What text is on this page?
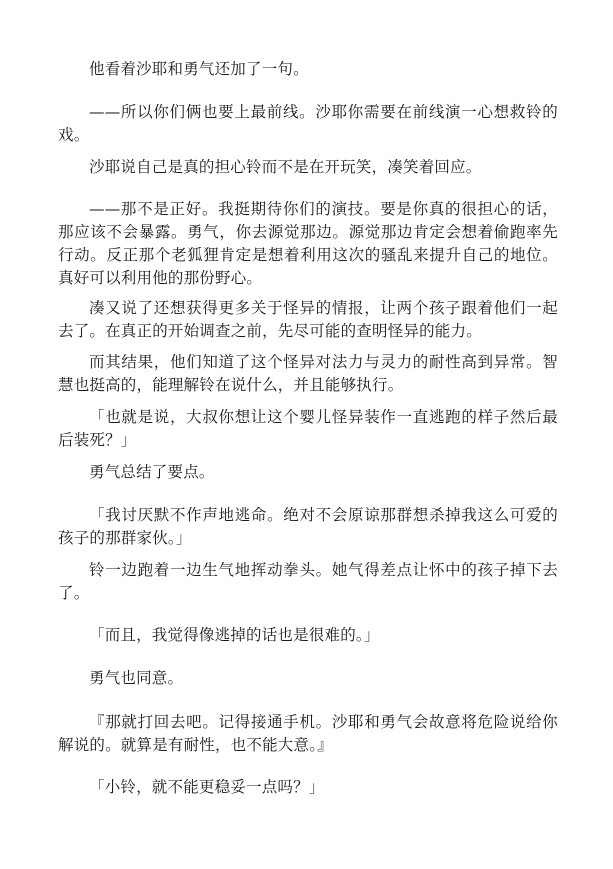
他看着沙耶和勇气还加了一句。

——所以你们俩也要上最前线。沙耶你需要在前线演一心想救铃的戏。

沙耶说自己是真的担心铃而不是在开玩笑，凑笑着回应。

——那不是正好。我挺期待你们的演技。要是你真的很担心的话，那应该不会暴露。勇气，你去源觉那边。源觉那边肯定会想着偷跑率先行动。反正那个老狐狸肯定是想着利用这次的骚乱来提升自己的地位。真好可以利用他的那份野心。

凑又说了还想获得更多关于怪异的情报，让两个孩子跟着他们一起去了。在真正的开始调查之前，先尽可能的查明怪异的能力。

而其结果，他们知道了这个怪异对法力与灵力的耐性高到异常。智慧也挺高的，能理解铃在说什么，并且能够执行。

「也就是说，大叔你想让这个婴儿怪异装作一直逃跑的样子然后最后装死？」

勇气总结了要点。

「我讨厌默不作声地逃命。绝对不会原谅那群想杀掉我这么可爱的孩子的那群家伙。」

铃一边跑着一边生气地挥动拳头。她气得差点让怀中的孩子掉下去了。

「而且，我觉得像逃掉的话也是很难的。」

勇气也同意。

『那就打回去吧。记得接通手机。沙耶和勇气会故意将危险说给你解说的。就算是有耐性，也不能大意。』

「小铃，就不能更稳妥一点吗？」
